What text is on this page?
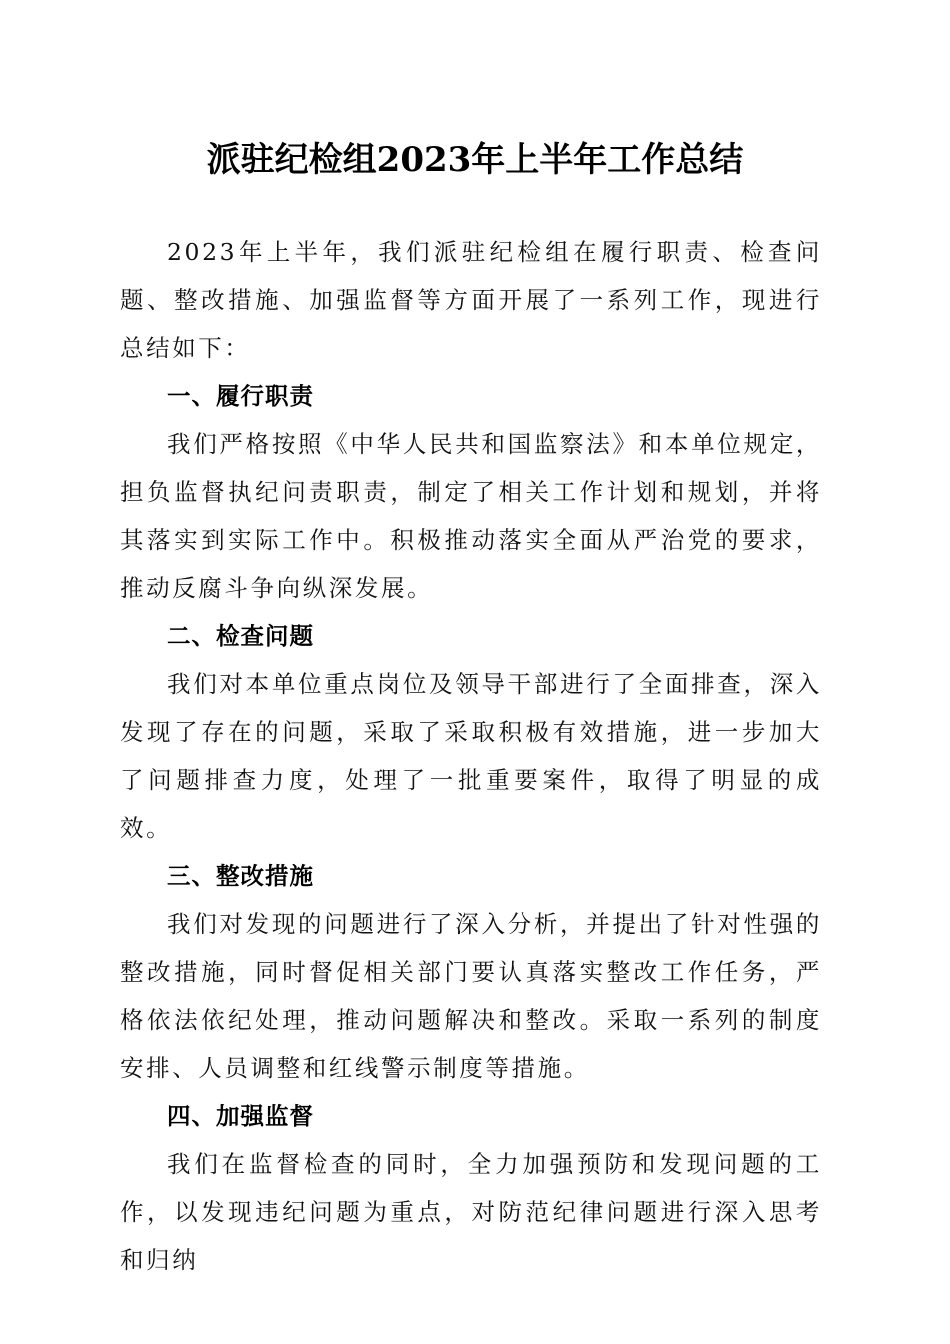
派驻纪检组2023年上半年工作总结

2023年上半年，我们派驻纪检组在履行职责、检查问题、整改措施、加强监督等方面开展了一系列工作，现进行总结如下：

一、履行职责

我们严格按照《中华人民共和国监察法》和本单位规定，担负监督执纪问责职责，制定了相关工作计划和规划，并将其落实到实际工作中。积极推动落实全面从严治党的要求，推动反腐斗争向纵深发展。

二、检查问题

我们对本单位重点岗位及领导干部进行了全面排查，深入发现了存在的问题，采取了采取积极有效措施，进一步加大了问题排查力度，处理了一批重要案件，取得了明显的成效。

三、整改措施

我们对发现的问题进行了深入分析，并提出了针对性强的整改措施，同时督促相关部门要认真落实整改工作任务，严格依法依纪处理，推动问题解决和整改。采取一系列的制度安排、人员调整和红线警示制度等措施。

四、加强监督

我们在监督检查的同时，全力加强预防和发现问题的工作，以发现违纪问题为重点，对防范纪律问题进行深入思考和归纳
